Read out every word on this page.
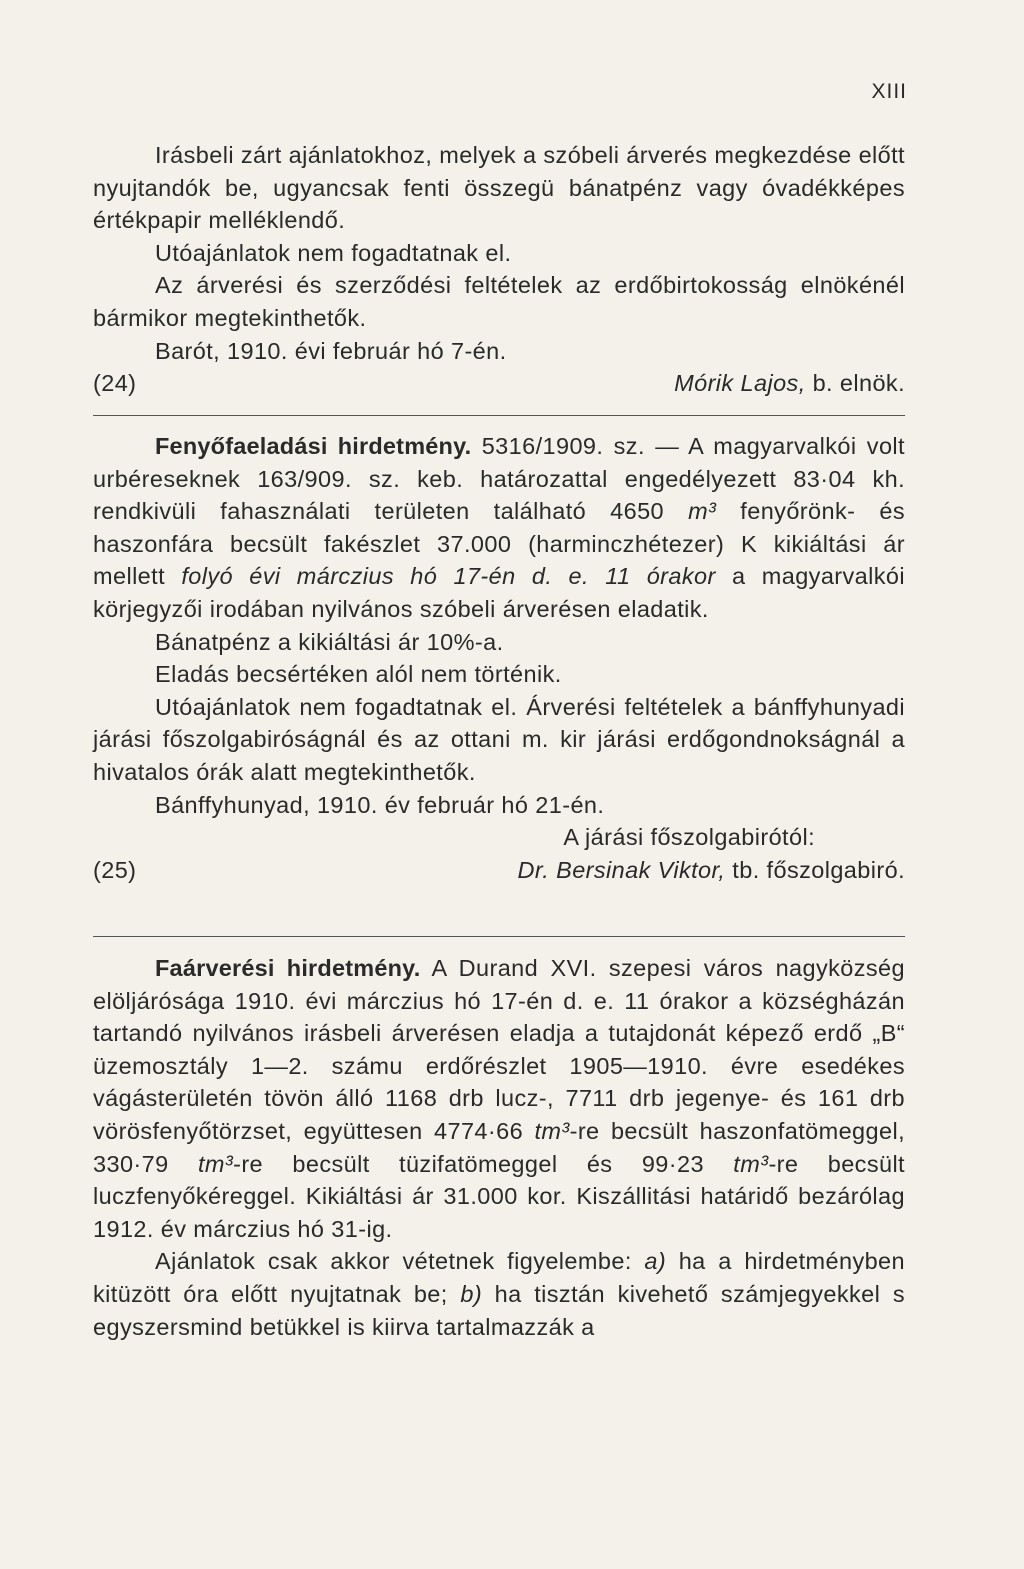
XIII

Irásbeli zárt ajánlatokhoz, melyek a szóbeli árverés megkezdése előtt nyujtandók be, ugyancsak fenti összegü bánatpénz vagy óvadékképes értékpapir melléklendő.

Utóajánlatok nem fogadtatnak el.

Az árverési és szerződési feltételek az erdőbirtokosság elnökénél bármikor megtekinthetők.

Barót, 1910. évi február hó 7-én.

(24)	Mórik Lajos, b. elnök.

Fenyőfaeladási hirdetmény. 5316/1909. sz. — A magyarvalkói volt urbéreseknek 163/909. sz. keb. határozattal engedélyezett 83·04 kh. rendkivüli fahasználati területen található 4650 m³ fenyőrönk- és haszonfára becsült fakészlet 37.000 (harminczhétezer) K kikiáltási ár mellett folyó évi márczius hó 17-én d. e. 11 órakor a magyarvalkói körjegyzői irodában nyilvános szóbeli árverésen eladatik.

Bánatpénz a kikiáltási ár 10%-a.

Eladás becsértéken alól nem történik.

Utóajánlatok nem fogadtatnak el. Árverési feltételek a bánffyhunyadi járási főszolgabiróságnál és az ottani m. kir járási erdőgondnokságnál a hivatalos órák alatt megtekinthetők.

Bánffyhunyad, 1910. év február hó 21-én.

A járási főszolgabirótól:
(25)	Dr. Bersinak Viktor, tb. főszolgabiró.

Faárverési hirdetmény. A Durand XVI. szepesi város nagyközség elöljárósága 1910. évi márczius hó 17-én d. e. 11 órakor a községházán tartandó nyilvános irásbeli árverésen eladja a tutajdonát képező erdő „B“ üzemosztály 1—2. számu erdőrészlet 1905—1910. évre esedékes vágásterületén tövön álló 1168 drb lucz-, 7711 drb jegenye- és 161 drb vörösfenyőtörzset, együttesen 4774·66 tm³-re becsült haszonfatömeggel, 330·79 tm³-re becsült tüzifatömeggel és 99·23 tm³-re becsült luczfenyőkéreggel. Kikiáltási ár 31.000 kor. Kiszállitási határidő bezárólag 1912. év márczius hó 31-ig.

Ajánlatok csak akkor vétetnek figyelembe: a) ha a hirdetményben kitüzött óra előtt nyujtatnak be; b) ha tisztán kivehető számjegyekkel s egyszersmind betükkel is kiirva tartalmazzák a
